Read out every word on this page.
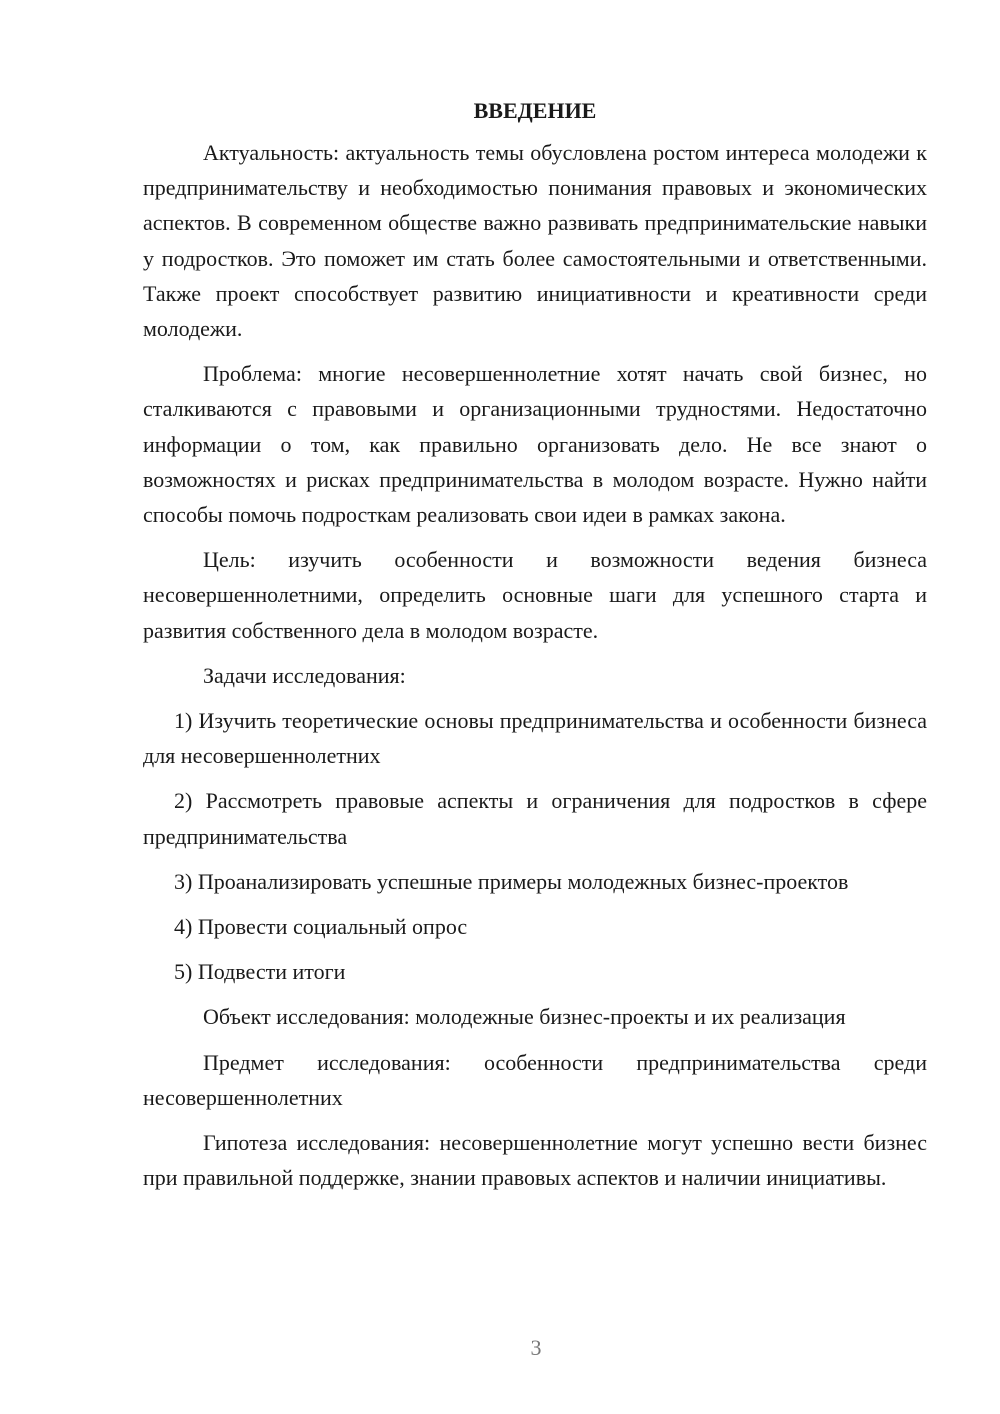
ВВЕДЕНИЕ

Актуальность: актуальность темы обусловлена ростом интереса молодежи к предпринимательству и необходимостью понимания правовых и экономических аспектов. В современном обществе важно развивать предпринимательские навыки у подростков. Это поможет им стать более самостоятельными и ответственными. Также проект способствует развитию инициативности и креативности среди молодежи.

Проблема: многие несовершеннолетние хотят начать свой бизнес, но сталкиваются с правовыми и организационными трудностями. Недостаточно информации о том, как правильно организовать дело. Не все знают о возможностях и рисках предпринимательства в молодом возрасте. Нужно найти способы помочь подросткам реализовать свои идеи в рамках закона.

Цель: изучить особенности и возможности ведения бизнеса несовершеннолетними, определить основные шаги для успешного старта и развития собственного дела в молодом возрасте.

Задачи исследования:

1) Изучить теоретические основы предпринимательства и особенности бизнеса для несовершеннолетних

2) Рассмотреть правовые аспекты и ограничения для подростков в сфере предпринимательства

3) Проанализировать успешные примеры молодежных бизнес-проектов

4) Провести социальный опрос

5) Подвести итоги

Объект исследования: молодежные бизнес-проекты и их реализация

Предмет исследования: особенности предпринимательства среди несовершеннолетних

Гипотеза исследования: несовершеннолетние могут успешно вести бизнес при правильной поддержке, знании правовых аспектов и наличии инициативы.

3
